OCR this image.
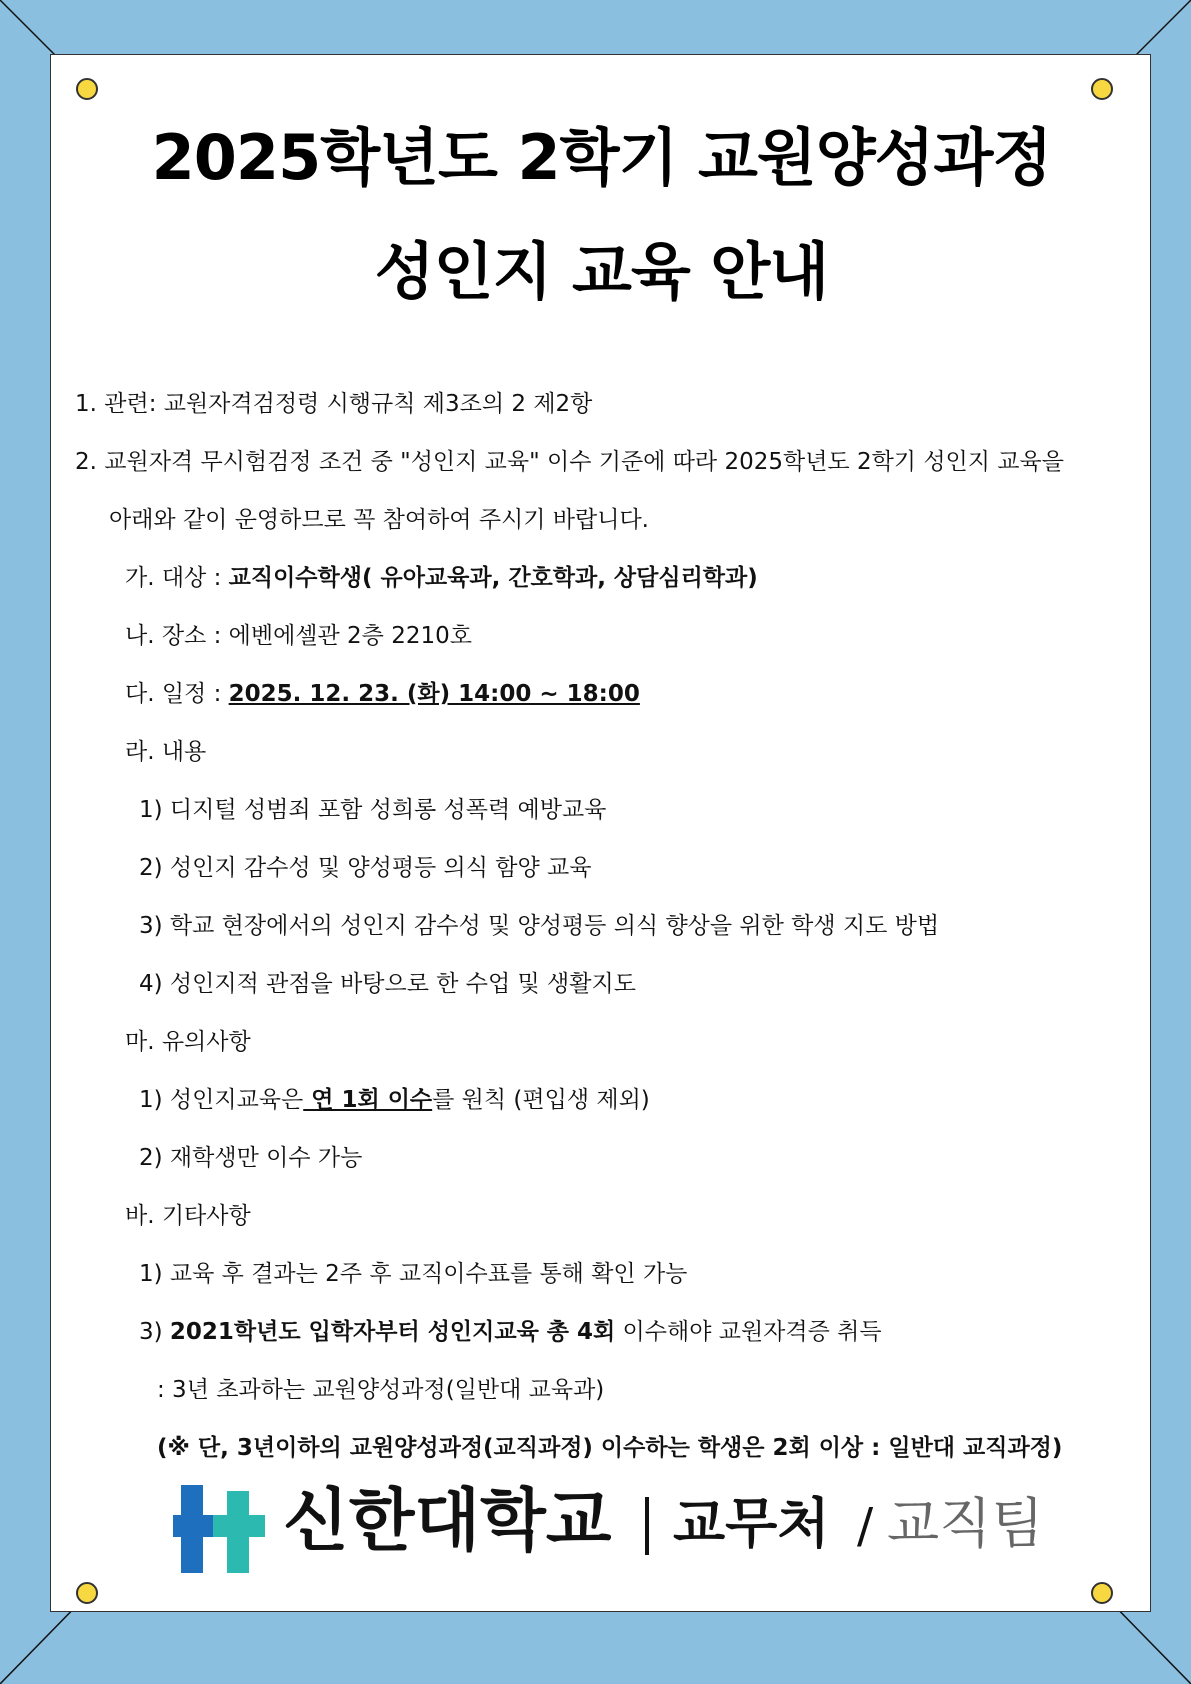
2025학년도 2학기 교원양성과정
성인지 교육 안내
1. 관련: 교원자격검정령 시행규칙 제3조의 2 제2항
2. 교원자격 무시험검정 조건 중 "성인지 교육" 이수 기준에 따라 2025학년도 2학기 성인지 교육을
아래와 같이 운영하므로 꼭 참여하여 주시기 바랍니다.
가. 대상 : 교직이수학생( 유아교육과, 간호학과, 상담심리학과)
나. 장소 : 에벤에셀관 2층 2210호
다. 일정 : 2025. 12. 23. (화) 14:00 ~ 18:00
라. 내용
1) 디지털 성범죄 포함 성희롱 성폭력 예방교육
2) 성인지 감수성 및 양성평등 의식 함양 교육
3) 학교 현장에서의 성인지 감수성 및 양성평등 의식 향상을 위한 학생 지도 방법
4) 성인지적 관점을 바탕으로 한 수업 및 생활지도
마. 유의사항
1) 성인지교육은 연 1회 이수를 원칙 (편입생 제외)
2) 재학생만 이수 가능
바. 기타사항
1) 교육 후 결과는 2주 후 교직이수표를 통해 확인 가능
3) 2021학년도 입학자부터 성인지교육 총 4회 이수해야 교원자격증 취득
: 3년 초과하는 교원양성과정(일반대 교육과)
(※ 단, 3년이하의 교원양성과정(교직과정) 이수하는 학생은 2회 이상 : 일반대 교직과정)
신한대학교 교무처 / 교직팀
